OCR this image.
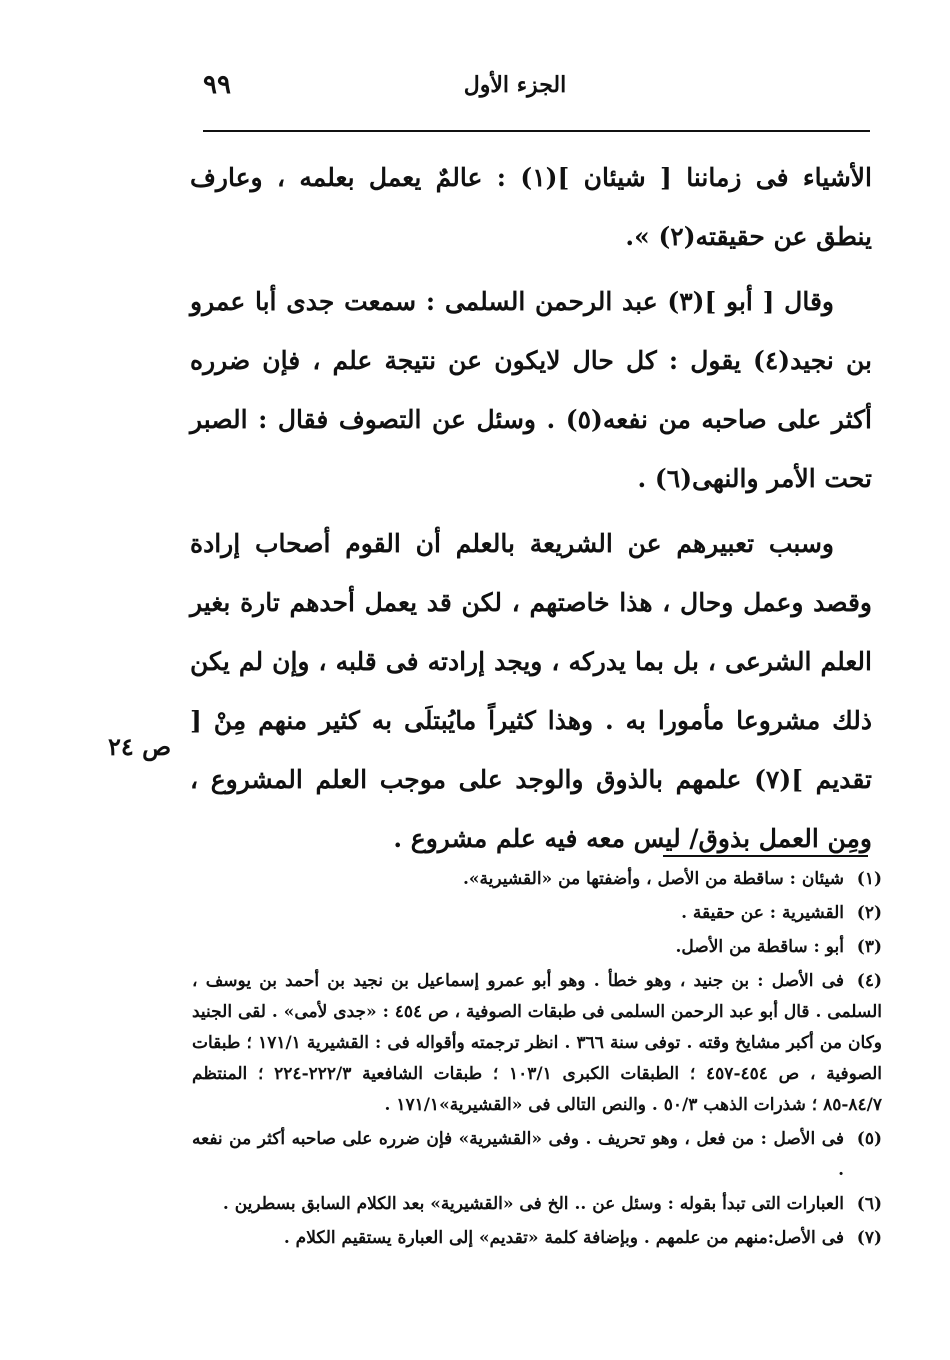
٩٩	الجزء الأول

الأشياء فى زماننا [ شيئان ](١) : عالمٌ يعمل بعلمه ، وعارف ينطق عن حقيقته(٢) ».

وقال [ أبو ](٣) عبد الرحمن السلمى : سمعت جدى أبا عمرو بن نجيد(٤) يقول : كل حال لايكون عن نتيجة علم ، فإن ضرره أكثر على صاحبه من نفعه(٥) . وسئل عن التصوف فقال : الصبر تحت الأمر والنهى(٦) .

وسبب تعبيرهم عن الشريعة بالعلم أن القوم أصحاب إرادة وقصد وعمل وحال ، هذا خاصتهم ، لكن قد يعمل أحدهم تارة بغير العلم الشرعى ، بل بما يدركه ، ويجد إرادته فى قلبه ، وإن لم يكن ذلك مشروعا مأمورا به . وهذا كثيراً مايُبتلَى به كثير منهم مِنْ [ تقديم ](٧) علمهم بالذوق والوجد على موجب العلم المشروع ، ومِن العمل بذوق/ ليس معه فيه علم مشروع .

ص ٢٤
(١)شيئان : ساقطة من الأصل ، وأضفتها من «القشيرية».
(٢)القشيرية : عن حقيقة .
(٣)أبو : ساقطة من الأصل.
(٤)فى الأصل : بن جنيد ، وهو خطأ . وهو أبو عمرو إسماعيل بن نجيد بن أحمد بن يوسف ، السلمى . قال أبو عبد الرحمن السلمى فى طبقات الصوفية ، ص ٤٥٤ : «جدى لأمى» . لقى الجنيد وكان من أكبر مشايخ وقته . توفى سنة ٣٦٦ . انظر ترجمته وأقواله فى : القشيرية ١٧١/١ ؛ طبقات الصوفية ، ص ٤٥٤-٤٥٧ ؛ الطبقات الكبرى ١٠٣/١ ؛ طبقات الشافعية ٢٢٢/٣-٢٢٤ ؛ المنتظم ٨٤/٧-٨٥ ؛ شذرات الذهب ٥٠/٣ . والنص التالى فى «القشيرية»١٧١/١ .
(٥)فى الأصل : من فعل ، وهو تحريف . وفى «القشيرية» فإن ضرره على صاحبه أكثر من نفعه .
(٦)العبارات التى تبدأ بقوله : وسئل عن .. الخ فى «القشيرية» بعد الكلام السابق بسطرين .
(٧)فى الأصل:منهم من علمهم . وبإضافة كلمة «تقديم» إلى العبارة يستقيم الكلام .
